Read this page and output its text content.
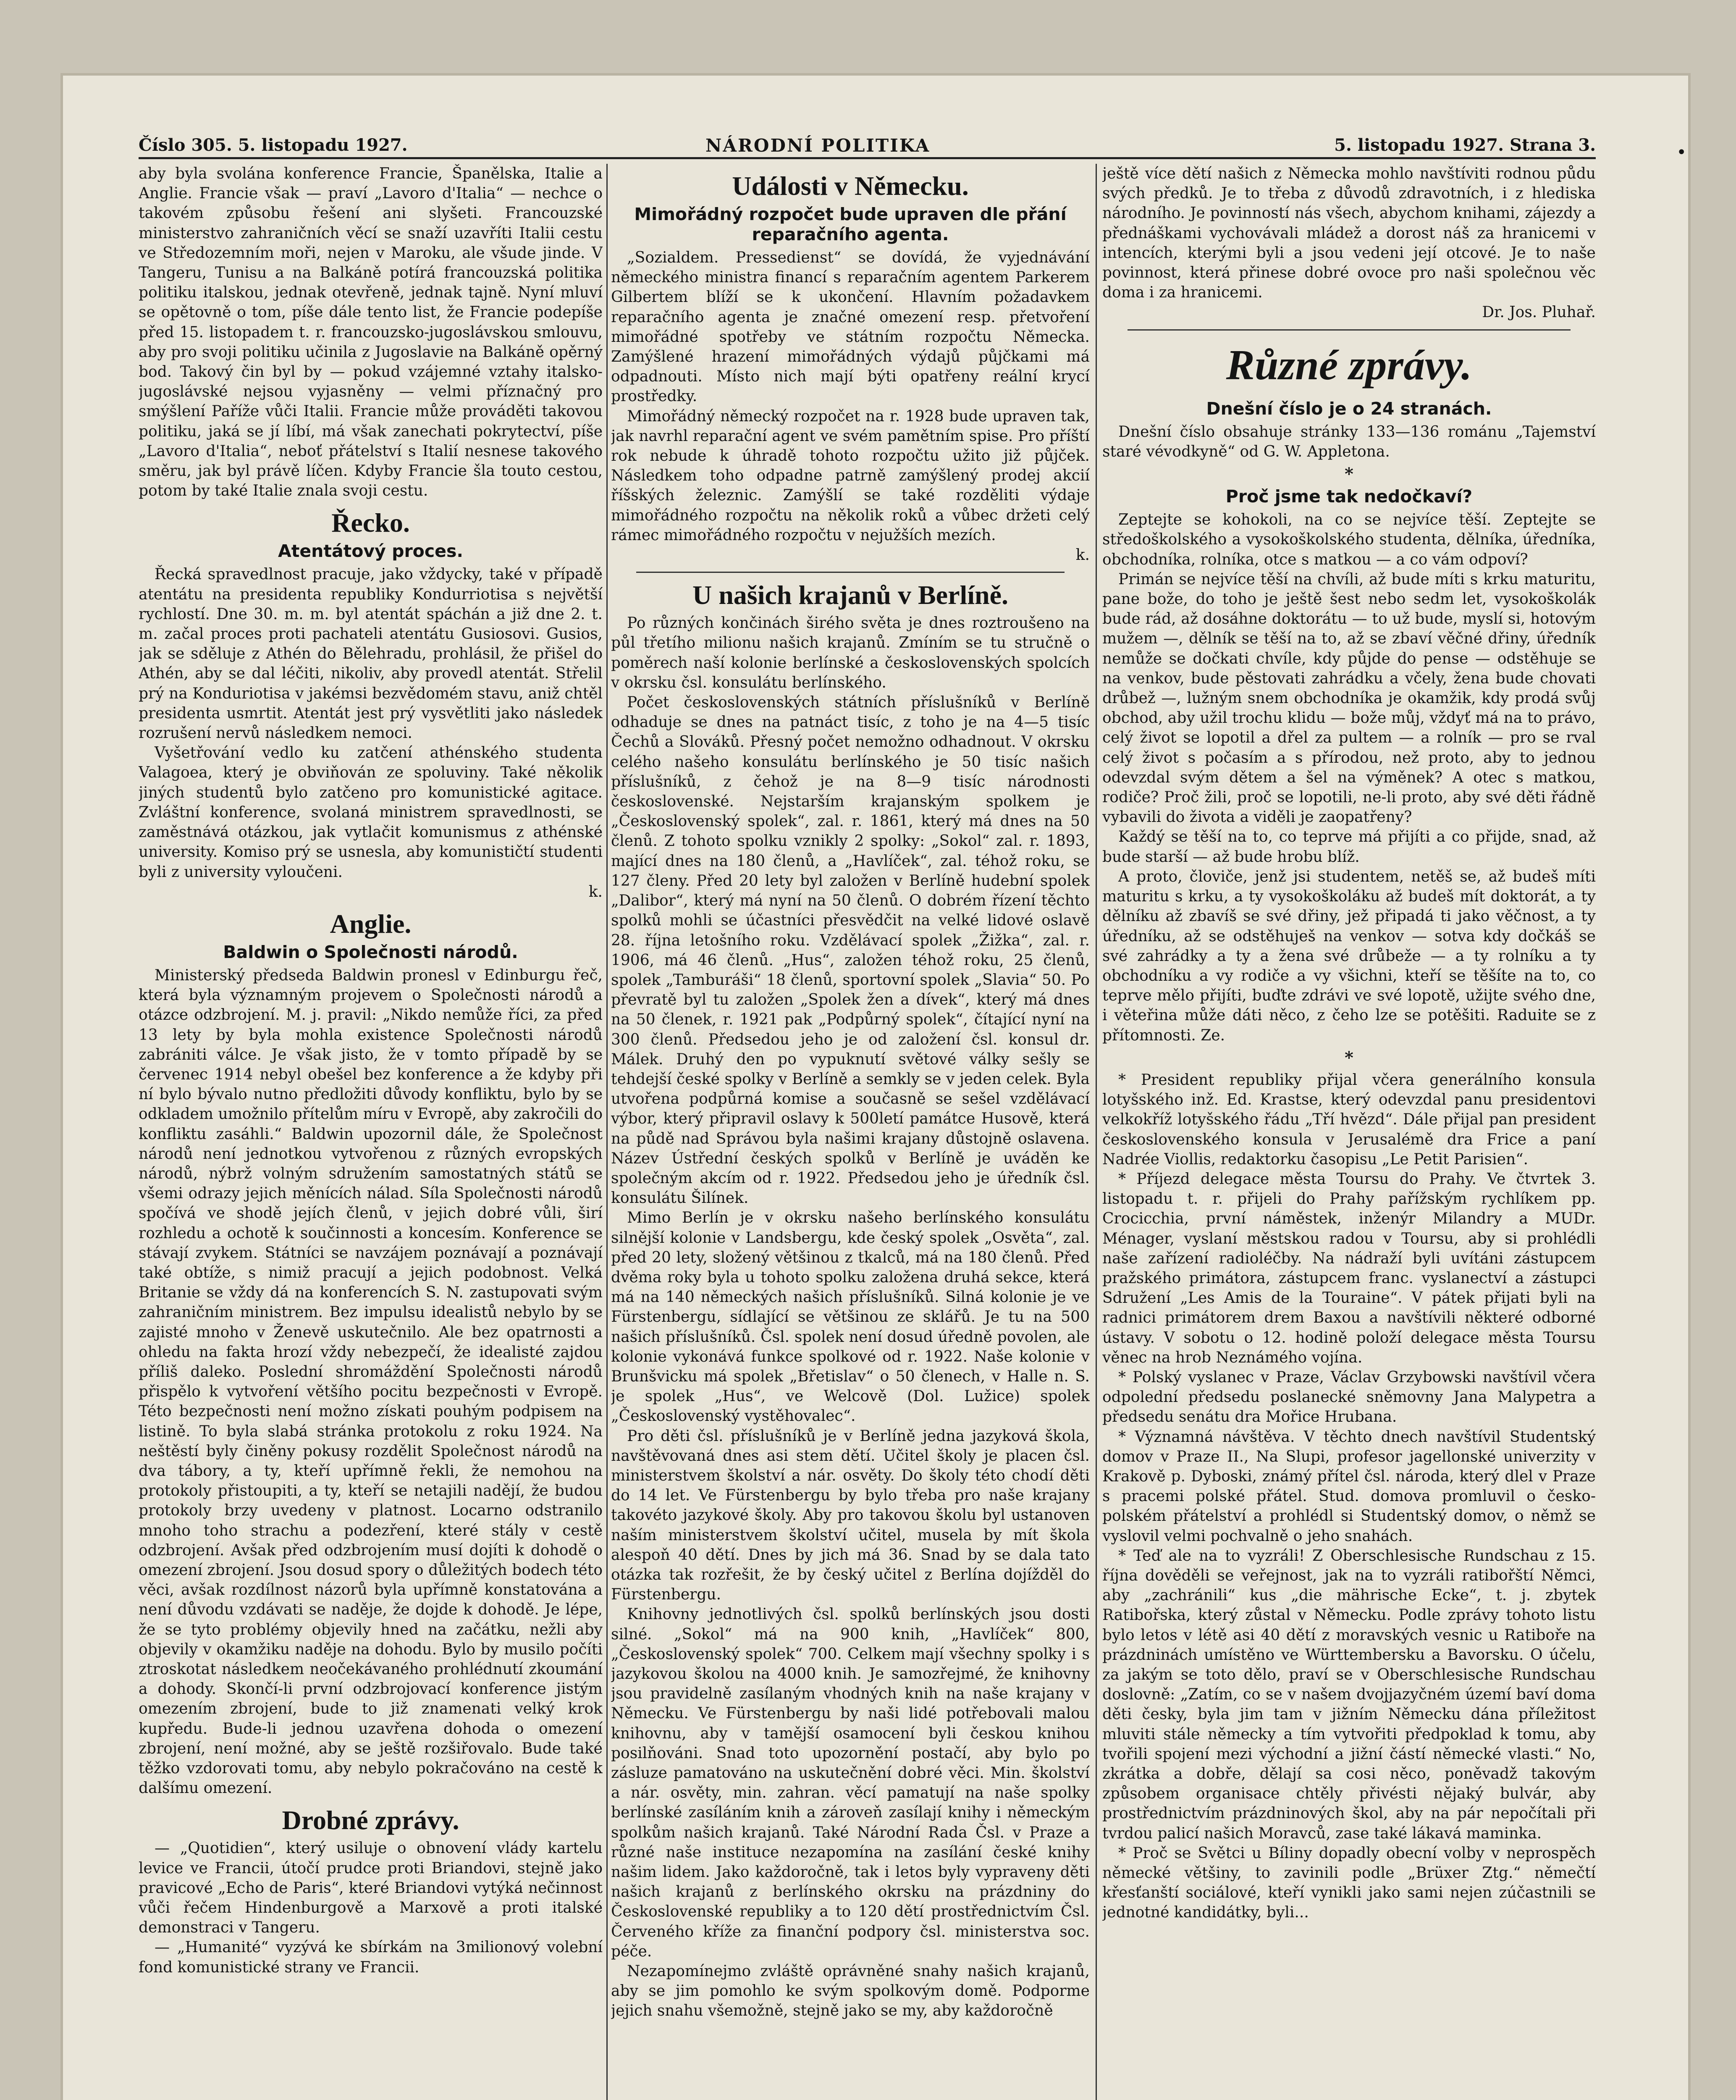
Číslo 305. 5. listopadu 1927.	NÁRODNÍ POLITIKA	5. listopadu 1927. Strana 3.	•

aby byla svolána konference Francie, Španělska, Italie a Anglie. Francie však — praví „Lavoro d'Italia“ — nechce o takovém způsobu řešení ani slyšeti. Francouzské ministerstvo zahraničních věcí se snaží uzavříti Italii cestu ve Středozemním moři, nejen v Maroku, ale všude jinde. V Tangeru, Tunisu a na Balkáně potírá francouzská politika politiku italskou, jednak otevřeně, jednak tajně. Nyní mluví se opětovně o tom, píše dále tento list, že Francie podepíše před 15. listopadem t. r. francouzsko-jugoslávskou smlouvu, aby pro svoji politiku učinila z Jugoslavie na Balkáně opěrný bod. Takový čin byl by — pokud vzájemné vztahy italsko-jugoslávské nejsou vyjasněny — velmi příznačný pro smýšlení Paříže vůči Italii. Francie může prováděti takovou politiku, jaká se jí líbí, má však zanechati pokrytectví, píše „Lavoro d'Italia“, neboť přátelství s Italií nesnese takového směru, jak byl právě líčen. Kdyby Francie šla touto cestou, potom by také Italie znala svoji cestu.

Řecko.
Atentátový proces.

Řecká spravedlnost pracuje, jako vždycky, také v případě atentátu na presidenta republiky Kondurriotisa s největší rychlostí. Dne 30. m. m. byl atentát spáchán a již dne 2. t. m. začal proces proti pachateli atentátu Gusiosovi. Gusios, jak se sděluje z Athén do Bělehradu, prohlásil, že přišel do Athén, aby se dal léčiti, nikoliv, aby provedl atentát. Střelil prý na Konduriotisa v jakémsi bezvědomém stavu, aniž chtěl presidenta usmrtit. Atentát jest prý vysvětliti jako následek rozrušení nervů následkem nemoci.

Vyšetřování vedlo ku zatčení athénského studenta Valagoea, který je obviňován ze spoluviny. Také několik jiných studentů bylo zatčeno pro komunistické agitace. Zvláštní konference, svolaná ministrem spravedlnosti, se zaměstnává otázkou, jak vytlačit komunismus z athénské university. Komiso prý se usnesla, aby komunističtí studenti byli z university vyloučeni.

k.

Anglie.
Baldwin o Společnosti národů.

Ministerský předseda Baldwin pronesl v Edinburgu řeč, která byla významným projevem o Společnosti národů a otázce odzbrojení. M. j. pravil: „Nikdo nemůže říci, za před 13 lety by byla mohla existence Společnosti národů zabrániti válce. Je však jisto, že v tomto případě by se červenec 1914 nebyl obešel bez konference a že kdyby při ní bylo bývalo nutno předložiti důvody konfliktu, bylo by se odkladem umožnilo přítelům míru v Evropě, aby zakročili do konfliktu zasáhli.“ Baldwin upozornil dále, že Společnost národů není jednotkou vytvořenou z různých evropských národů, nýbrž volným sdružením samostatných států se všemi odrazy jejich měnících nálad. Síla Společnosti národů spočívá ve shodě jejích členů, v jejich dobré vůli, širí rozhledu a ochotě k součinnosti a koncesím. Konference se stávají zvykem. Státníci se navzájem poznávají a poznávají také obtíže, s nimiž pracují a jejich podobnost. Velká Britanie se vždy dá na konferencích S. N. zastupovati svým zahraničním ministrem. Bez impulsu idealistů nebylo by se zajisté mnoho v Ženevě uskutečnilo. Ale bez opatrnosti a ohledu na fakta hrozí vždy nebezpečí, že idealisté zajdou příliš daleko. Poslední shromáždění Společnosti národů přispělo k vytvoření většího pocitu bezpečnosti v Evropě. Této bezpečnosti není možno získati pouhým podpisem na listině. To byla slabá stránka protokolu z roku 1924. Na neštěstí byly činěny pokusy rozdělit Společnost národů na dva tábory, a ty, kteří upřímně řekli, že nemohou na protokoly přistoupiti, a ty, kteří se netajili nadějí, že budou protokoly brzy uvedeny v platnost. Locarno odstranilo mnoho toho strachu a podezření, které stály v cestě odzbrojení. Avšak před odzbrojením musí dojíti k dohodě o omezení zbrojení. Jsou dosud spory o důležitých bodech této věci, avšak rozdílnost názorů byla upřímně konstatována a není důvodu vzdávati se naděje, že dojde k dohodě. Je lépe, že se tyto problémy objevily hned na začátku, nežli aby objevily v okamžiku naděje na dohodu. Bylo by musilo počíti ztroskotat následkem neočekávaného prohlédnutí zkoumání a dohody. Skončí-li první odzbrojovací konference jistým omezením zbrojení, bude to již znamenati velký krok kupředu. Bude-li jednou uzavřena dohoda o omezení zbrojení, není možné, aby se ještě rozšiřovalo. Bude také těžko vzdorovati tomu, aby nebylo pokračováno na cestě k dalšímu omezení.

Drobné zprávy.

— „Quotidien“, který usiluje o obnovení vlády kartelu levice ve Francii, útočí prudce proti Briandovi, stejně jako pravicové „Echo de Paris“, které Briandovi vytýká nečinnost vůči řečem Hindenburgově a Marxově a proti italské demonstraci v Tangeru.

— „Humanité“ vyzývá ke sbírkám na 3milionový volební fond komunistické strany ve Francii.

Události v Německu.
Mimořádný rozpočet bude upraven dle přání reparačního agenta.

„Sozialdem. Pressedienst“ se dovídá, že vyjednávání německého ministra financí s reparačním agentem Parkerem Gilbertem blíží se k ukončení. Hlavním požadavkem reparačního agenta je značné omezení resp. přetvoření mimořádné spotřeby ve státním rozpočtu Německa. Zamýšlené hrazení mimořádných výdajů půjčkami má odpadnouti. Místo nich mají býti opatřeny reální krycí prostředky.

Mimořádný německý rozpočet na r. 1928 bude upraven tak, jak navrhl reparační agent ve svém pamětním spise. Pro příští rok nebude k úhradě tohoto rozpočtu užito již půjček. Následkem toho odpadne patrně zamýšlený prodej akcií říšských železnic. Zamýšlí se také rozděliti výdaje mimořádného rozpočtu na několik roků a vůbec držeti celý rámec mimořádného rozpočtu v nejužších mezích.

k.

U našich krajanů v Berlíně.

Po různých končinách širého světa je dnes roztroušeno na půl třetího milionu našich krajanů. Zmíním se tu stručně o poměrech naší kolonie berlínské a československých spolcích v okrsku čsl. konsulátu berlínského.

Počet československých státních příslušníků v Berlíně odhaduje se dnes na patnáct tisíc, z toho je na 4—5 tisíc Čechů a Slováků. Přesný počet nemožno odhadnout. V okrsku celého našeho konsulátu berlínského je 50 tisíc našich příslušníků, z čehož je na 8—9 tisíc národnosti československé. Nejstarším krajanským spolkem je „Československý spolek“, zal. r. 1861, který má dnes na 50 členů. Z tohoto spolku vznikly 2 spolky: „Sokol“ zal. r. 1893, mající dnes na 180 členů, a „Havlíček“, zal. téhož roku, se 127 členy. Před 20 lety byl založen v Berlíně hudební spolek „Dalibor“, který má nyní na 50 členů. O dobrém řízení těchto spolků mohli se účastníci přesvědčit na velké lidové oslavě 28. října letošního roku. Vzdělávací spolek „Žižka“, zal. r. 1906, má 46 členů. „Hus“, založen téhož roku, 25 členů, spolek „Tamburáši“ 18 členů, sportovní spolek „Slavia“ 50. Po převratě byl tu založen „Spolek žen a dívek“, který má dnes na 50 členek, r. 1921 pak „Podpůrný spolek“, čítající nyní na 300 členů. Předsedou jeho je od založení čsl. konsul dr. Málek. Druhý den po vypuknutí světové války sešly se tehdejší české spolky v Berlíně a semkly se v jeden celek. Byla utvořena podpůrná komise a současně se sešel vzdělávací výbor, který připravil oslavy k 500letí památce Husově, která na půdě nad Správou byla našimi krajany důstojně oslavena. Název Ústřední českých spolků v Berlíně je uváděn ke společným akcím od r. 1922. Předsedou jeho je úředník čsl. konsulátu Šilínek.

Mimo Berlín je v okrsku našeho berlínského konsulátu silnější kolonie v Landsbergu, kde český spolek „Osvěta“, zal. před 20 lety, složený většinou z tkalců, má na 180 členů. Před dvěma roky byla u tohoto spolku založena druhá sekce, která má na 140 německých našich příslušníků. Silná kolonie je ve Fürstenbergu, sídlající se většinou ze sklářů. Je tu na 500 našich příslušníků. Čsl. spolek není dosud úředně povolen, ale kolonie vykonává funkce spolkové od r. 1922. Naše kolonie v Brunšvicku má spolek „Břetislav“ o 50 členech, v Halle n. S. je spolek „Hus“, ve Welcově (Dol. Lužice) spolek „Československý vystěhovalec“.

Pro děti čsl. příslušníků je v Berlíně jedna jazyková škola, navštěvovaná dnes asi stem dětí. Učitel školy je placen čsl. ministerstvem školství a nár. osvěty. Do školy této chodí děti do 14 let. Ve Fürstenbergu by bylo třeba pro naše krajany takovéto jazykové školy. Aby pro takovou školu byl ustanoven naším ministerstvem školství učitel, musela by mít škola alespoň 40 dětí. Dnes by jich má 36. Snad by se dala tato otázka tak rozřešit, že by český učitel z Berlína dojížděl do Fürstenbergu.

Knihovny jednotlivých čsl. spolků berlínských jsou dosti silné. „Sokol“ má na 900 knih, „Havlíček“ 800, „Československý spolek“ 700. Celkem mají všechny spolky i s jazykovou školou na 4000 knih. Je samozřejmé, že knihovny jsou pravidelně zasílaným vhodných knih na naše krajany v Německu. Ve Fürstenbergu by naši lidé potřebovali malou knihovnu, aby v tamější osamocení byli českou knihou posilňováni. Snad toto upozornění postačí, aby bylo po zásluze pamatováno na uskutečnění dobré věci. Min. školství a nár. osvěty, min. zahran. věcí pamatují na naše spolky berlínské zasíláním knih a zároveň zasílají knihy i německým spolkům našich krajanů. Také Národní Rada Čsl. v Praze a různé naše instituce nezapomína na zasílání české knihy našim lidem. Jako každoročně, tak i letos byly vypraveny děti našich krajanů z berlínského okrsku na prázdniny do Československé republiky a to 120 dětí prostřednictvím Čsl. Červeného kříže za finanční podpory čsl. ministerstva soc. péče.

Nezapomínejmo zvláště oprávněné snahy našich krajanů, aby se jim pomohlo ke svým spolkovým domě. Podporme jejich snahu všemožně, stejně jako se my, aby každoročně

ještě více dětí našich z Německa mohlo navštíviti rodnou půdu svých předků. Je to třeba z důvodů zdravotních, i z hlediska národního. Je povinností nás všech, abychom knihami, zájezdy a přednáškami vychovávali mládež a dorost náš za hranicemi v intencích, kterými byli a jsou vedeni její otcové. Je to naše povinnost, která přinese dobré ovoce pro naši společnou věc doma i za hranicemi.

Dr. Jos. Pluhař.

Různé zprávy.
Dnešní číslo je o 24 stranách.

Dnešní číslo obsahuje stránky 133—136 románu „Tajemství staré vévodkyně“ od G. W. Appletona.

*
Proč jsme tak nedočkaví?

Zeptejte se kohokoli, na co se nejvíce těší. Zeptejte se středoškolského a vysokoškolského studenta, dělníka, úředníka, obchodníka, rolníka, otce s matkou — a co vám odpoví?

Primán se nejvíce těší na chvíli, až bude míti s krku maturitu, pane bože, do toho je ještě šest nebo sedm let, vysokoškolák bude rád, až dosáhne doktorátu — to už bude, myslí si, hotovým mužem —, dělník se těší na to, až se zbaví věčné dřiny, úředník nemůže se dočkati chvíle, kdy půjde do pense — odstěhuje se na venkov, bude pěstovati zahrádku a včely, žena bude chovati drůbež —, lužným snem obchodníka je okamžik, kdy prodá svůj obchod, aby užil trochu klidu — bože můj, vždyť má na to právo, celý život se lopotil a dřel za pultem — a rolník — pro se rval celý život s počasím a s přírodou, než proto, aby to jednou odevzdal svým dětem a šel na výměnek? A otec s matkou, rodiče? Proč žili, proč se lopotili, ne-li proto, aby své děti řádně vybavili do života a viděli je zaopatřeny?

Každý se těší na to, co teprve má přijíti a co přijde, snad, až bude starší — až bude hrobu blíž.

A proto, človiče, jenž jsi studentem, netěš se, až budeš míti maturitu s krku, a ty vysokoškoláku až budeš mít doktorát, a ty dělníku až zbavíš se své dřiny, jež připadá ti jako věčnost, a ty úředníku, až se odstěhuješ na venkov — sotva kdy dočkáš se své zahrádky a ty a žena své drůbeže — a ty rolníku a ty obchodníku a vy rodiče a vy všichni, kteří se těšíte na to, co teprve mělo přijíti, buďte zdrávi ve své lopotě, užijte svého dne, i věteřina může dáti něco, z čeho lze se potěšiti. Raduite se z přítomnosti. Ze.

*

* President republiky přijal včera generálního konsula lotyšského inž. Ed. Krastse, který odevzdal panu presidentovi velkokříž lotyšského řádu „Tří hvězd“. Dále přijal pan president československého konsula v Jerusalémě dra Frice a paní Nadrée Viollis, redaktorku časopisu „Le Petit Parisien“.

* Příjezd delegace města Toursu do Prahy. Ve čtvrtek 3. listopadu t. r. přijeli do Prahy pařížským rychlíkem pp. Crocicchia, první náměstek, inženýr Milandry a MUDr. Ménager, vyslaní městskou radou v Toursu, aby si prohlédli naše zařízení radioléčby. Na nádraží byli uvítáni zástupcem pražského primátora, zástupcem franc. vyslanectví a zástupci Sdružení „Les Amis de la Touraine“. V pátek přijati byli na radnici primátorem drem Baxou a navštívili některé odborné ústavy. V sobotu o 12. hodině položí delegace města Toursu věnec na hrob Neznámého vojína.

* Polský vyslanec v Praze, Václav Grzybowski navštívil včera odpolední předsedu poslanecké sněmovny Jana Malypetra a předsedu senátu dra Mořice Hrubana.

* Významná návštěva. V těchto dnech navštívil Studentský domov v Praze II., Na Slupi, profesor jagellonské univerzity v Krakově p. Dyboski, známý přítel čsl. národa, který dlel v Praze s pracemi polské přátel. Stud. domova promluvil o česko-polském přátelství a prohlédl si Studentský domov, o němž se vyslovil velmi pochvalně o jeho snahách.

* Teď ale na to vyzráli! Z Oberschlesische Rundschau z 15. října dověděli se veřejnost, jak na to vyzráli ratibořští Němci, aby „zachránili“ kus „die mährische Ecke“, t. j. zbytek Ratibořska, který zůstal v Německu. Podle zprávy tohoto listu bylo letos v létě asi 40 dětí z moravských vesnic u Ratiboře na prázdninách umístěno ve Württembersku a Bavorsku. O účelu, za jakým se toto dělo, praví se v Oberschlesische Rundschau doslovně: „Zatím, co se v našem dvojjazyčném území baví doma děti česky, byla jim tam v jižním Německu dána příležitost mluviti stále německy a tím vytvořiti předpoklad k tomu, aby tvořili spojení mezi východní a jižní částí německé vlasti.“ No, zkrátka a dobře, dělají sa cosi něco, poněvadž takovým způsobem organisace chtěly přivésti nějaký bulvár, aby prostřednictvím prázdninových škol, aby na pár nepočítali při tvrdou palicí našich Moravců, zase také lákavá maminka.

* Proč se Světci u Bíliny dopadly obecní volby v neprospěch německé většiny, to zavinili podle „Brüxer Ztg.“ němečtí křesťanští sociálové, kteří vynikli jako sami nejen zúčastnili se jednotné kandidátky, byli...
